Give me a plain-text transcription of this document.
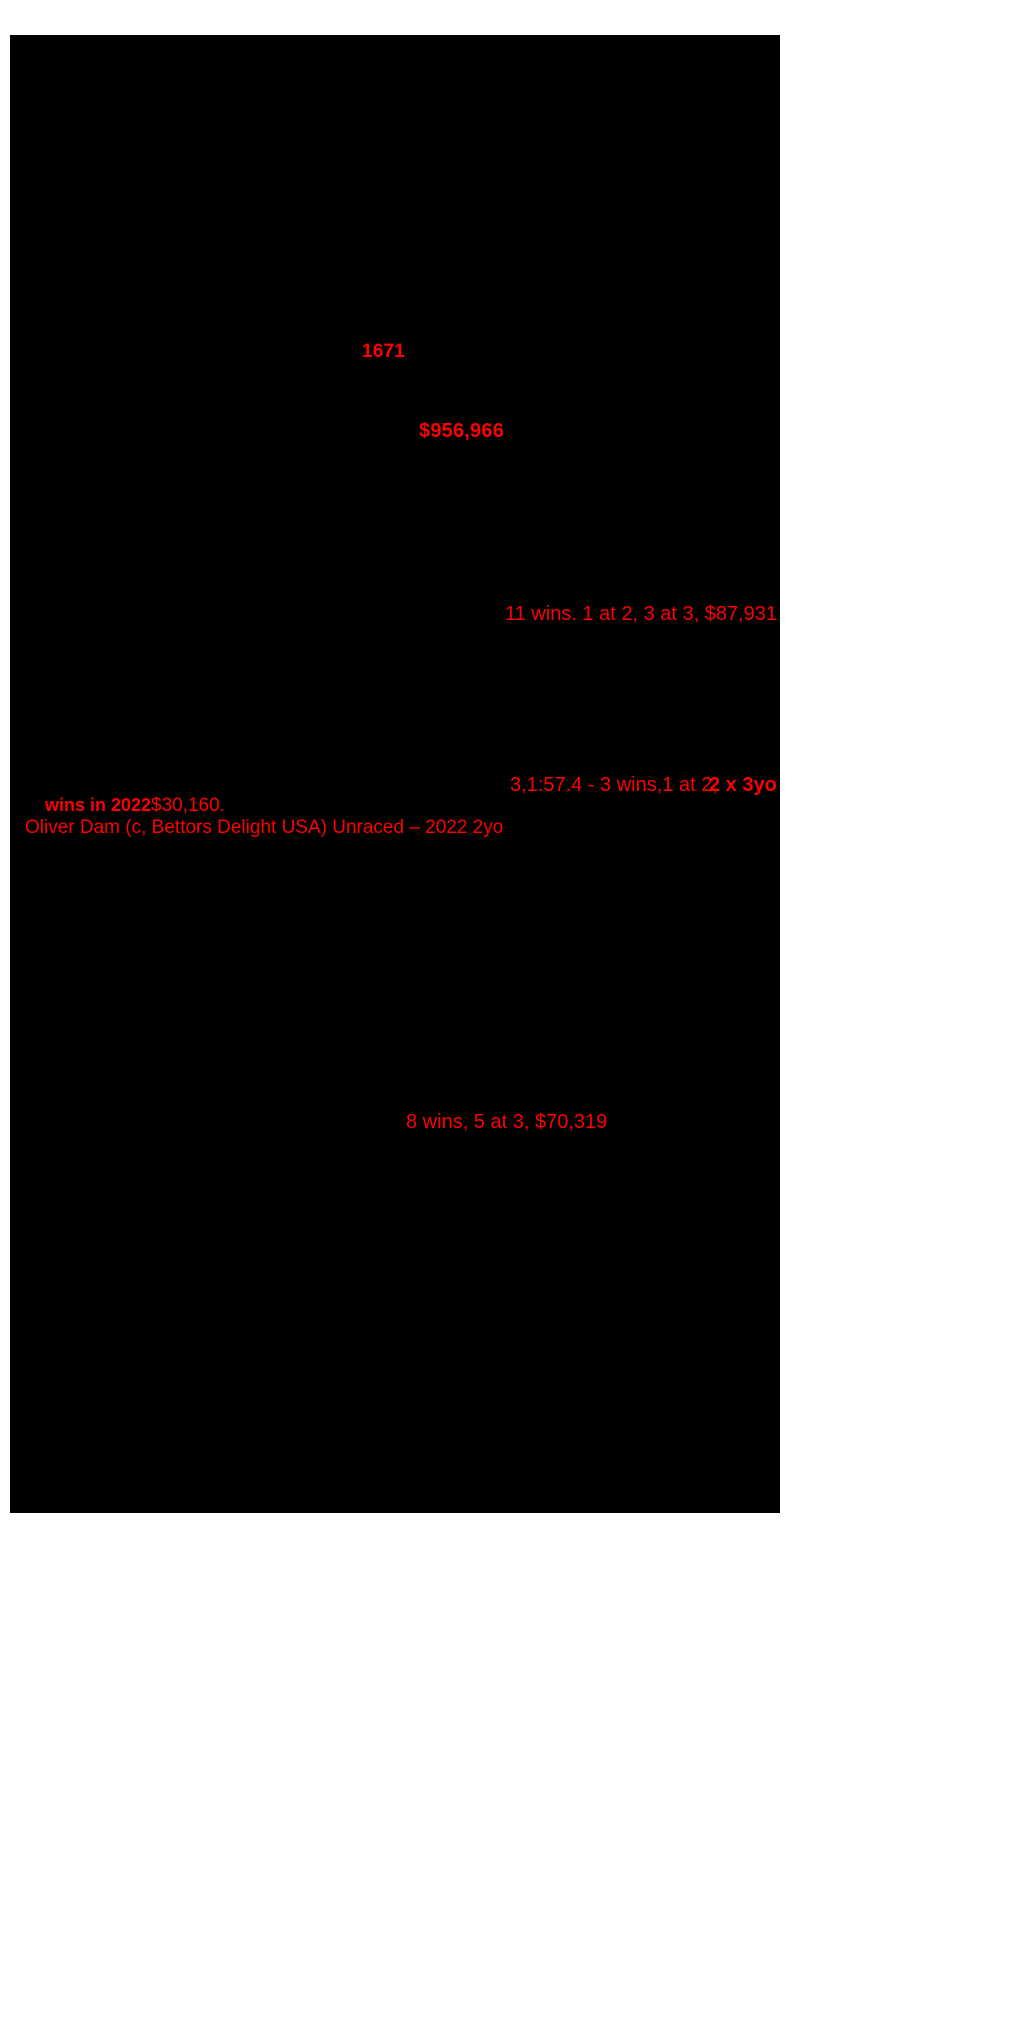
1671
$956,966
11 wins. 1 at 2, 3 at 3, $87,931
3,1:57.4 - 3 wins,1 at 2,
2 x 3yo
wins in 2022 $30,160.
Oliver Dam (c, Bettors Delight USA) Unraced – 2022 2yo
8 wins, 5 at 3, $70,319
